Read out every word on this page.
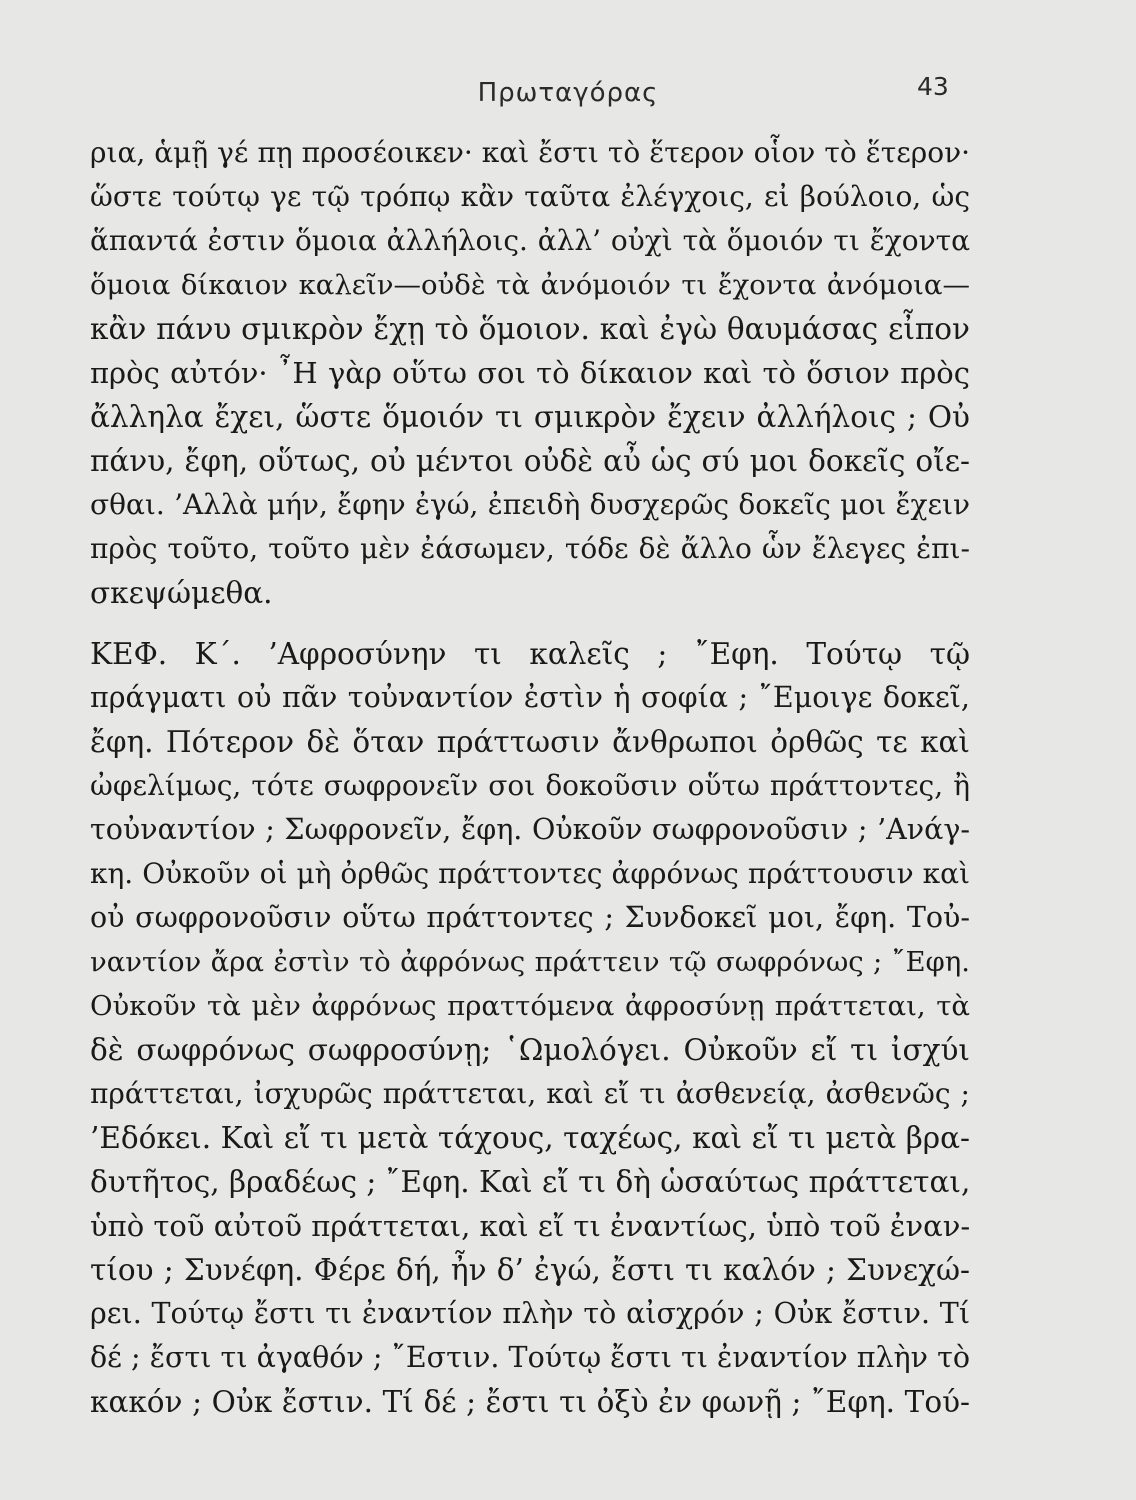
Πρωταγόρας	43
ρια, ἁμῇ γέ πῃ προσέοικεν· καὶ ἔστι τὸ ἕτερον οἷον τὸ ἕτερον·
ὥστε τούτῳ γε τῷ τρόπῳ κἂν ταῦτα ἐλέγχοις, εἰ βούλοιο, ὡς
ἅπαντά ἐστιν ὅμοια ἀλλήλοις. ἀλλ’ οὐχὶ τὰ ὅμοιόν τι ἔχοντα
ὅμοια δίκαιον καλεῖν—οὐδὲ τὰ ἀνόμοιόν τι ἔχοντα ἀνόμοια—
κἂν πάνυ σμικρὸν ἔχῃ τὸ ὅμοιον. καὶ ἐγὼ θαυμάσας εἶπον
πρὸς αὐτόν· ῏Η γὰρ οὕτω σοι τὸ δίκαιον καὶ τὸ ὅσιον πρὸς
ἄλληλα ἔχει, ὥστε ὅμοιόν τι σμικρὸν ἔχειν ἀλλήλοις ; Οὐ
πάνυ, ἔφη, οὕτως, οὐ μέντοι οὐδὲ αὖ ὡς σύ μοι δοκεῖς οἴε-
σθαι. ’Αλλὰ μήν, ἔφην ἐγώ, ἐπειδὴ δυσχερῶς δοκεῖς μοι ἔχειν
πρὸς τοῦτο, τοῦτο μὲν ἐάσωμεν, τόδε δὲ ἄλλο ὧν ἔλεγες ἐπι-
σκεψώμεθα.
ΚΕΦ. Κ΄. ’Αφροσύνην τι καλεῖς ; ῎Εφη. Τούτῳ τῷ
πράγματι οὐ πᾶν τοὐναντίον ἐστὶν ἡ σοφία ; ῎Εμοιγε δοκεῖ,
ἔφη. Πότερον δὲ ὅταν πράττωσιν ἄνθρωποι ὀρθῶς τε καὶ
ὠφελίμως, τότε σωφρονεῖν σοι δοκοῦσιν οὕτω πράττοντες, ἢ
τοὐναντίον ; Σωφρονεῖν, ἔφη. Οὐκοῦν σωφρονοῦσιν ; ’Ανάγ-
κη. Οὐκοῦν οἱ μὴ ὀρθῶς πράττοντες ἀφρόνως πράττουσιν καὶ
οὐ σωφρονοῦσιν οὕτω πράττοντες ; Συνδοκεῖ μοι, ἔφη. Τοὐ-
ναντίον ἄρα ἐστὶν τὸ ἀφρόνως πράττειν τῷ σωφρόνως ; ῎Εφη.
Οὐκοῦν τὰ μὲν ἀφρόνως πραττόμενα ἀφροσύνῃ πράττεται, τὰ
δὲ σωφρόνως σωφροσύνῃ; ῾Ωμολόγει. Οὐκοῦν εἴ τι ἰσχύι
πράττεται, ἰσχυρῶς πράττεται, καὶ εἴ τι ἀσθενείᾳ, ἀσθενῶς ;
’Εδόκει. Καὶ εἴ τι μετὰ τάχους, ταχέως, καὶ εἴ τι μετὰ βρα-
δυτῆτος, βραδέως ; ῎Εφη. Καὶ εἴ τι δὴ ὡσαύτως πράττεται,
ὑπὸ τοῦ αὐτοῦ πράττεται, καὶ εἴ τι ἐναντίως, ὑπὸ τοῦ ἐναν-
τίου ; Συνέφη. Φέρε δή, ἦν δ’ ἐγώ, ἔστι τι καλόν ; Συνεχώ-
ρει. Τούτῳ ἔστι τι ἐναντίον πλὴν τὸ αἰσχρόν ; Οὐκ ἔστιν. Τί
δέ ; ἔστι τι ἀγαθόν ; ῎Εστιν. Τούτῳ ἔστι τι ἐναντίον πλὴν τὸ
κακόν ; Οὐκ ἔστιν. Τί δέ ; ἔστι τι ὀξὺ ἐν φωνῇ ; ῎Εφη. Τού-
